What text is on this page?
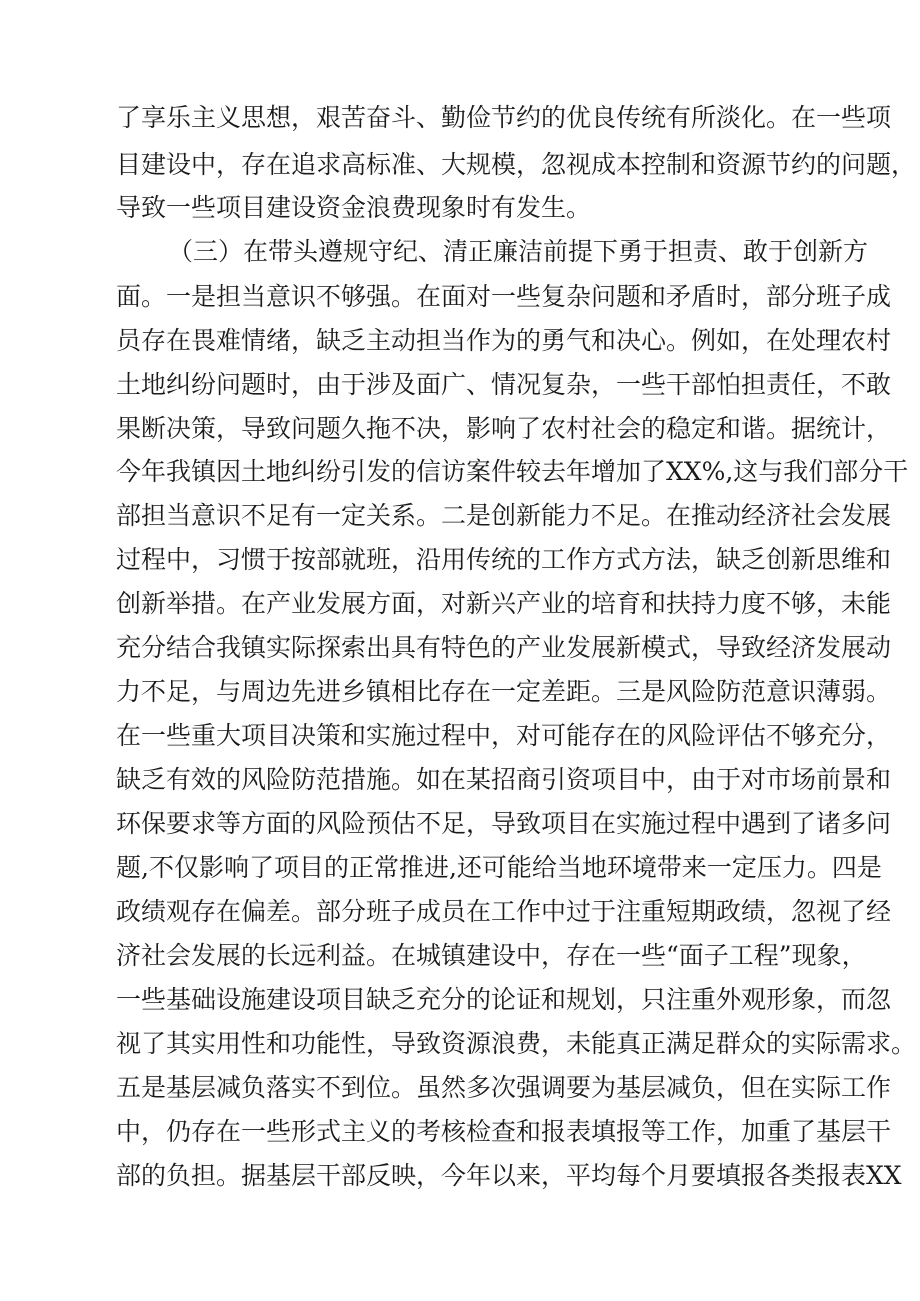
了享乐主义思想，艰苦奋斗、勤俭节约的优良传统有所淡化。在一些项
目建设中，存在追求高标准、大规模，忽视成本控制和资源节约的问题，
导致一些项目建设资金浪费现象时有发生。
（三）在带头遵规守纪、清正廉洁前提下勇于担责、敢于创新方
面。一是担当意识不够强。在面对一些复杂问题和矛盾时，部分班子成
员存在畏难情绪，缺乏主动担当作为的勇气和决心。例如，在处理农村
土地纠纷问题时，由于涉及面广、情况复杂，一些干部怕担责任，不敢
果断决策，导致问题久拖不决，影响了农村社会的稳定和谐。据统计，
今年我镇因土地纠纷引发的信访案件较去年增加了XX%,这与我们部分干
部担当意识不足有一定关系。二是创新能力不足。在推动经济社会发展
过程中，习惯于按部就班，沿用传统的工作方式方法，缺乏创新思维和
创新举措。在产业发展方面，对新兴产业的培育和扶持力度不够，未能
充分结合我镇实际探索出具有特色的产业发展新模式，导致经济发展动
力不足，与周边先进乡镇相比存在一定差距。三是风险防范意识薄弱。
在一些重大项目决策和实施过程中，对可能存在的风险评估不够充分，
缺乏有效的风险防范措施。如在某招商引资项目中，由于对市场前景和
环保要求等方面的风险预估不足，导致项目在实施过程中遇到了诸多问
题,不仅影响了项目的正常推进,还可能给当地环境带来一定压力。四是
政绩观存在偏差。部分班子成员在工作中过于注重短期政绩，忽视了经
济社会发展的长远利益。在城镇建设中，存在一些“面子工程”现象，
一些基础设施建设项目缺乏充分的论证和规划，只注重外观形象，而忽
视了其实用性和功能性，导致资源浪费，未能真正满足群众的实际需求。
五是基层减负落实不到位。虽然多次强调要为基层减负，但在实际工作
中，仍存在一些形式主义的考核检查和报表填报等工作，加重了基层干
部的负担。据基层干部反映，今年以来，平均每个月要填报各类报表XX
